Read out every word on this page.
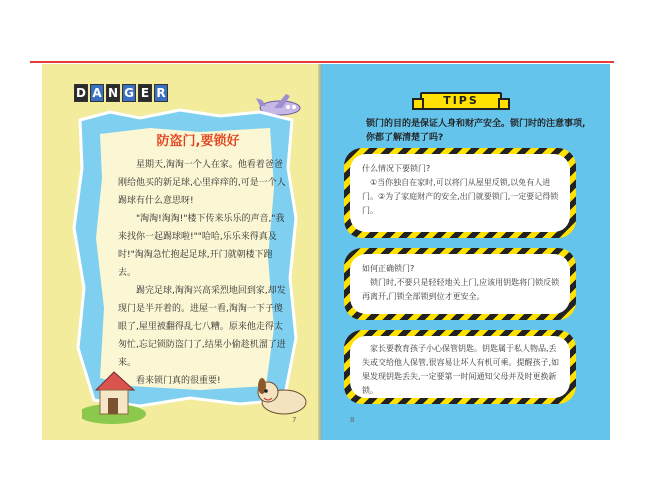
D A N G E R
防盗门,要锁好

星期天,淘淘一个人在家。他看着爸爸刚给他买的新足球,心里痒痒的,可是一个人踢球有什么意思呀!

"淘淘!淘淘!"楼下传来乐乐的声音,"我来找你一起踢球啦!""哈哈,乐乐来得真及时!"淘淘急忙抱起足球,开门就朝楼下跑去。

踢完足球,淘淘兴高采烈地回到家,却发现门是半开着的。进屋一看,淘淘一下子傻眼了,屋里被翻得乱七八糟。原来他走得太匆忙,忘记锁防盗门了,结果小偷趁机溜了进来。

看来锁门真的很重要!

7	8
TIPS
锁门的目的是保证人身和财产安全。锁门时的注意事项,你都了解清楚了吗?
什么情况下要锁门?
①当你独自在家时,可以将门从屋里反锁,以免有人进门。②为了家庭财产的安全,出门就要锁门,一定要记得锁门。
如何正确锁门?
锁门时,不要只是轻轻地关上门,应该用钥匙将门锁反锁再离开,门锁全部锁到位才更安全。
家长要教育孩子小心保管钥匙。钥匙属于私人物品,丢失或交给他人保管,很容易让坏人有机可乘。提醒孩子,如果发现钥匙丢失,一定要第一时间通知父母并及时更换新锁。
